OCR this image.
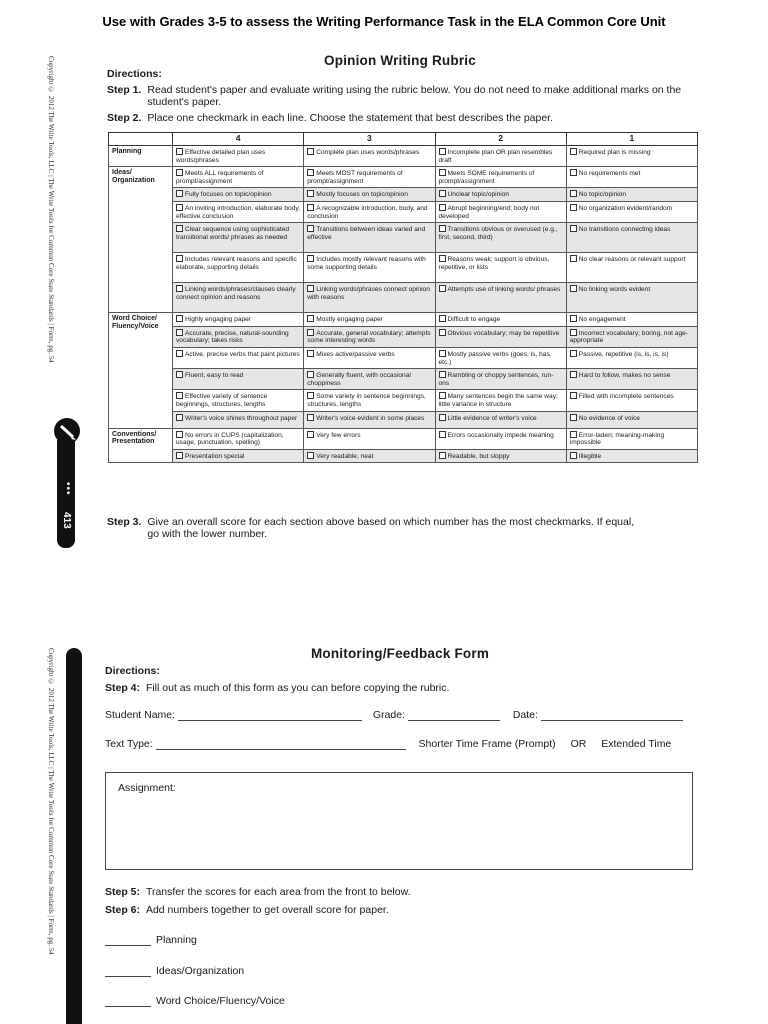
Use with Grades 3-5 to assess the Writing Performance Task in the ELA Common Core Unit
Copyright © 2012 The Write Tools, LLC | The Write Tools for Common Core State Standards | Form, pg. 54
•••
413
Copyright © 2012 The Write Tools, LLC | The Write Tools for Common Core State Standards | Form, pg. 54
Opinion Writing Rubric
Directions:
Step 1. Read student's paper and evaluate writing using the rubric below. You do not need to make additional marks on the student's paper.
Step 2. Place one checkmark in each line. Choose the statement that best describes the paper.
	4	3	2	1
Planning	Effective detailed plan uses words/phrases	Complete plan uses words/phrases	Incomplete plan OR plan resembles draft	Required plan is missing
Ideas/ Organization	Meets ALL requirements of prompt/assignment	Meets MOST requirements of prompt/assignment	Meets SOME requirements of prompt/assignment	No requirements met
	Fully focuses on topic/opinion	Mostly focuses on topic/opinion	Unclear topic/opinion	No topic/opinion
	An inviting introduction, elaborate body, effective conclusion	A recognizable introduction, body, and conclusion	Abrupt beginning/end; body not developed	No organization evident/random
	Clear sequence using sophisticated transitional words/ phrases as needed	Transitions between ideas varied and effective	Transitions obvious or overused (e.g., first, second, third)	No transitions connecting ideas
	Includes relevant reasons and specific elaborate, supporting details	Includes mostly relevant reasons with some supporting details	Reasons weak; support is obvious, repetitive, or lists	No clear reasons or relevant support
	Linking words/phrases/clauses clearly connect opinion and reasons	Linking words/phrases connect opinion with reasons	Attempts use of linking words/ phrases	No linking words evident
Word Choice/ Fluency/Voice	Highly engaging paper	Mostly engaging paper	Difficult to engage	No engagement
	Accurate, precise, natural-sounding vocabulary; takes risks	Accurate, general vocabulary; attempts some interesting words	Obvious vocabulary; may be repetitive	Incorrect vocabulary; boring, not age-appropriate
	Active, precise verbs that paint pictures	Mixes active/passive verbs	Mostly passive verbs (goes, is, has, etc.)	Passive, repetitive (is, is, is, is)
	Fluent, easy to read	Generally fluent, with occasional choppiness	Rambling or choppy sentences, run-ons	Hard to follow, makes no sense
	Effective variety of sentence beginnings, structures, lengths	Some variety in sentence beginnings, structures, lengths	Many sentences begin the same way; little variance in structure	Filled with incomplete sentences
	Writer's voice shines throughout paper	Writer's voice evident in some places	Little evidence of writer's voice	No evidence of voice
Conventions/ Presentation	No errors in CUPS (capitalization, usage, punctuation, spelling)	Very few errors	Errors occasionally impede meaning	Error-laden; meaning-making impossible
	Presentation special	Very readable, neat	Readable, but sloppy	Illegible
Step 3. Give an overall score for each section above based on which number has the most checkmarks. If equal, go with the lower number.
Monitoring/Feedback Form
Directions:
Step 4: Fill out as much of this form as you can before copying the rubric.
Student Name:	Grade:	Date:
Text Type:	Shorter Time Frame (Prompt) OR Extended Time
Assignment:
Step 5: Transfer the scores for each area from the front to below.
Step 6: Add numbers together to get overall score for paper.
Planning
Ideas/Organization
Word Choice/Fluency/Voice
